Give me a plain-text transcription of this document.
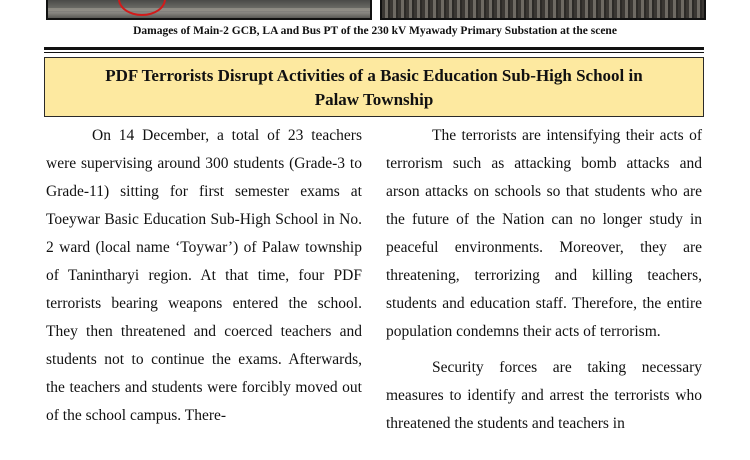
Damages of Main-2 GCB, LA and Bus PT of the 230 kV Myawady Primary Substation at the scene
PDF Terrorists Disrupt Activities of a Basic Education Sub-High School in
Palaw Township

On 14 December, a total of 23 teachers were supervising around 300 students (Grade-3 to Grade-11) sitting for first semester exams at Toeywar Basic Education Sub-High School in No. 2 ward (local name ‘Toywar’) of Palaw township of Tanintharyi region. At that time, four PDF terrorists bearing weapons entered the school. They then threatened and coerced teachers and students not to continue the exams. Afterwards, the teachers and students were forcibly moved out of the school campus. There-

The terrorists are intensifying their acts of terrorism such as attacking bomb attacks and arson attacks on schools so that students who are the future of the Nation can no longer study in peaceful environments. Moreover, they are threatening, terrorizing and killing teachers, students and education staff. Therefore, the entire population condemns their acts of terrorism.

Security forces are taking necessary measures to identify and arrest the terrorists who threatened the students and teachers in
